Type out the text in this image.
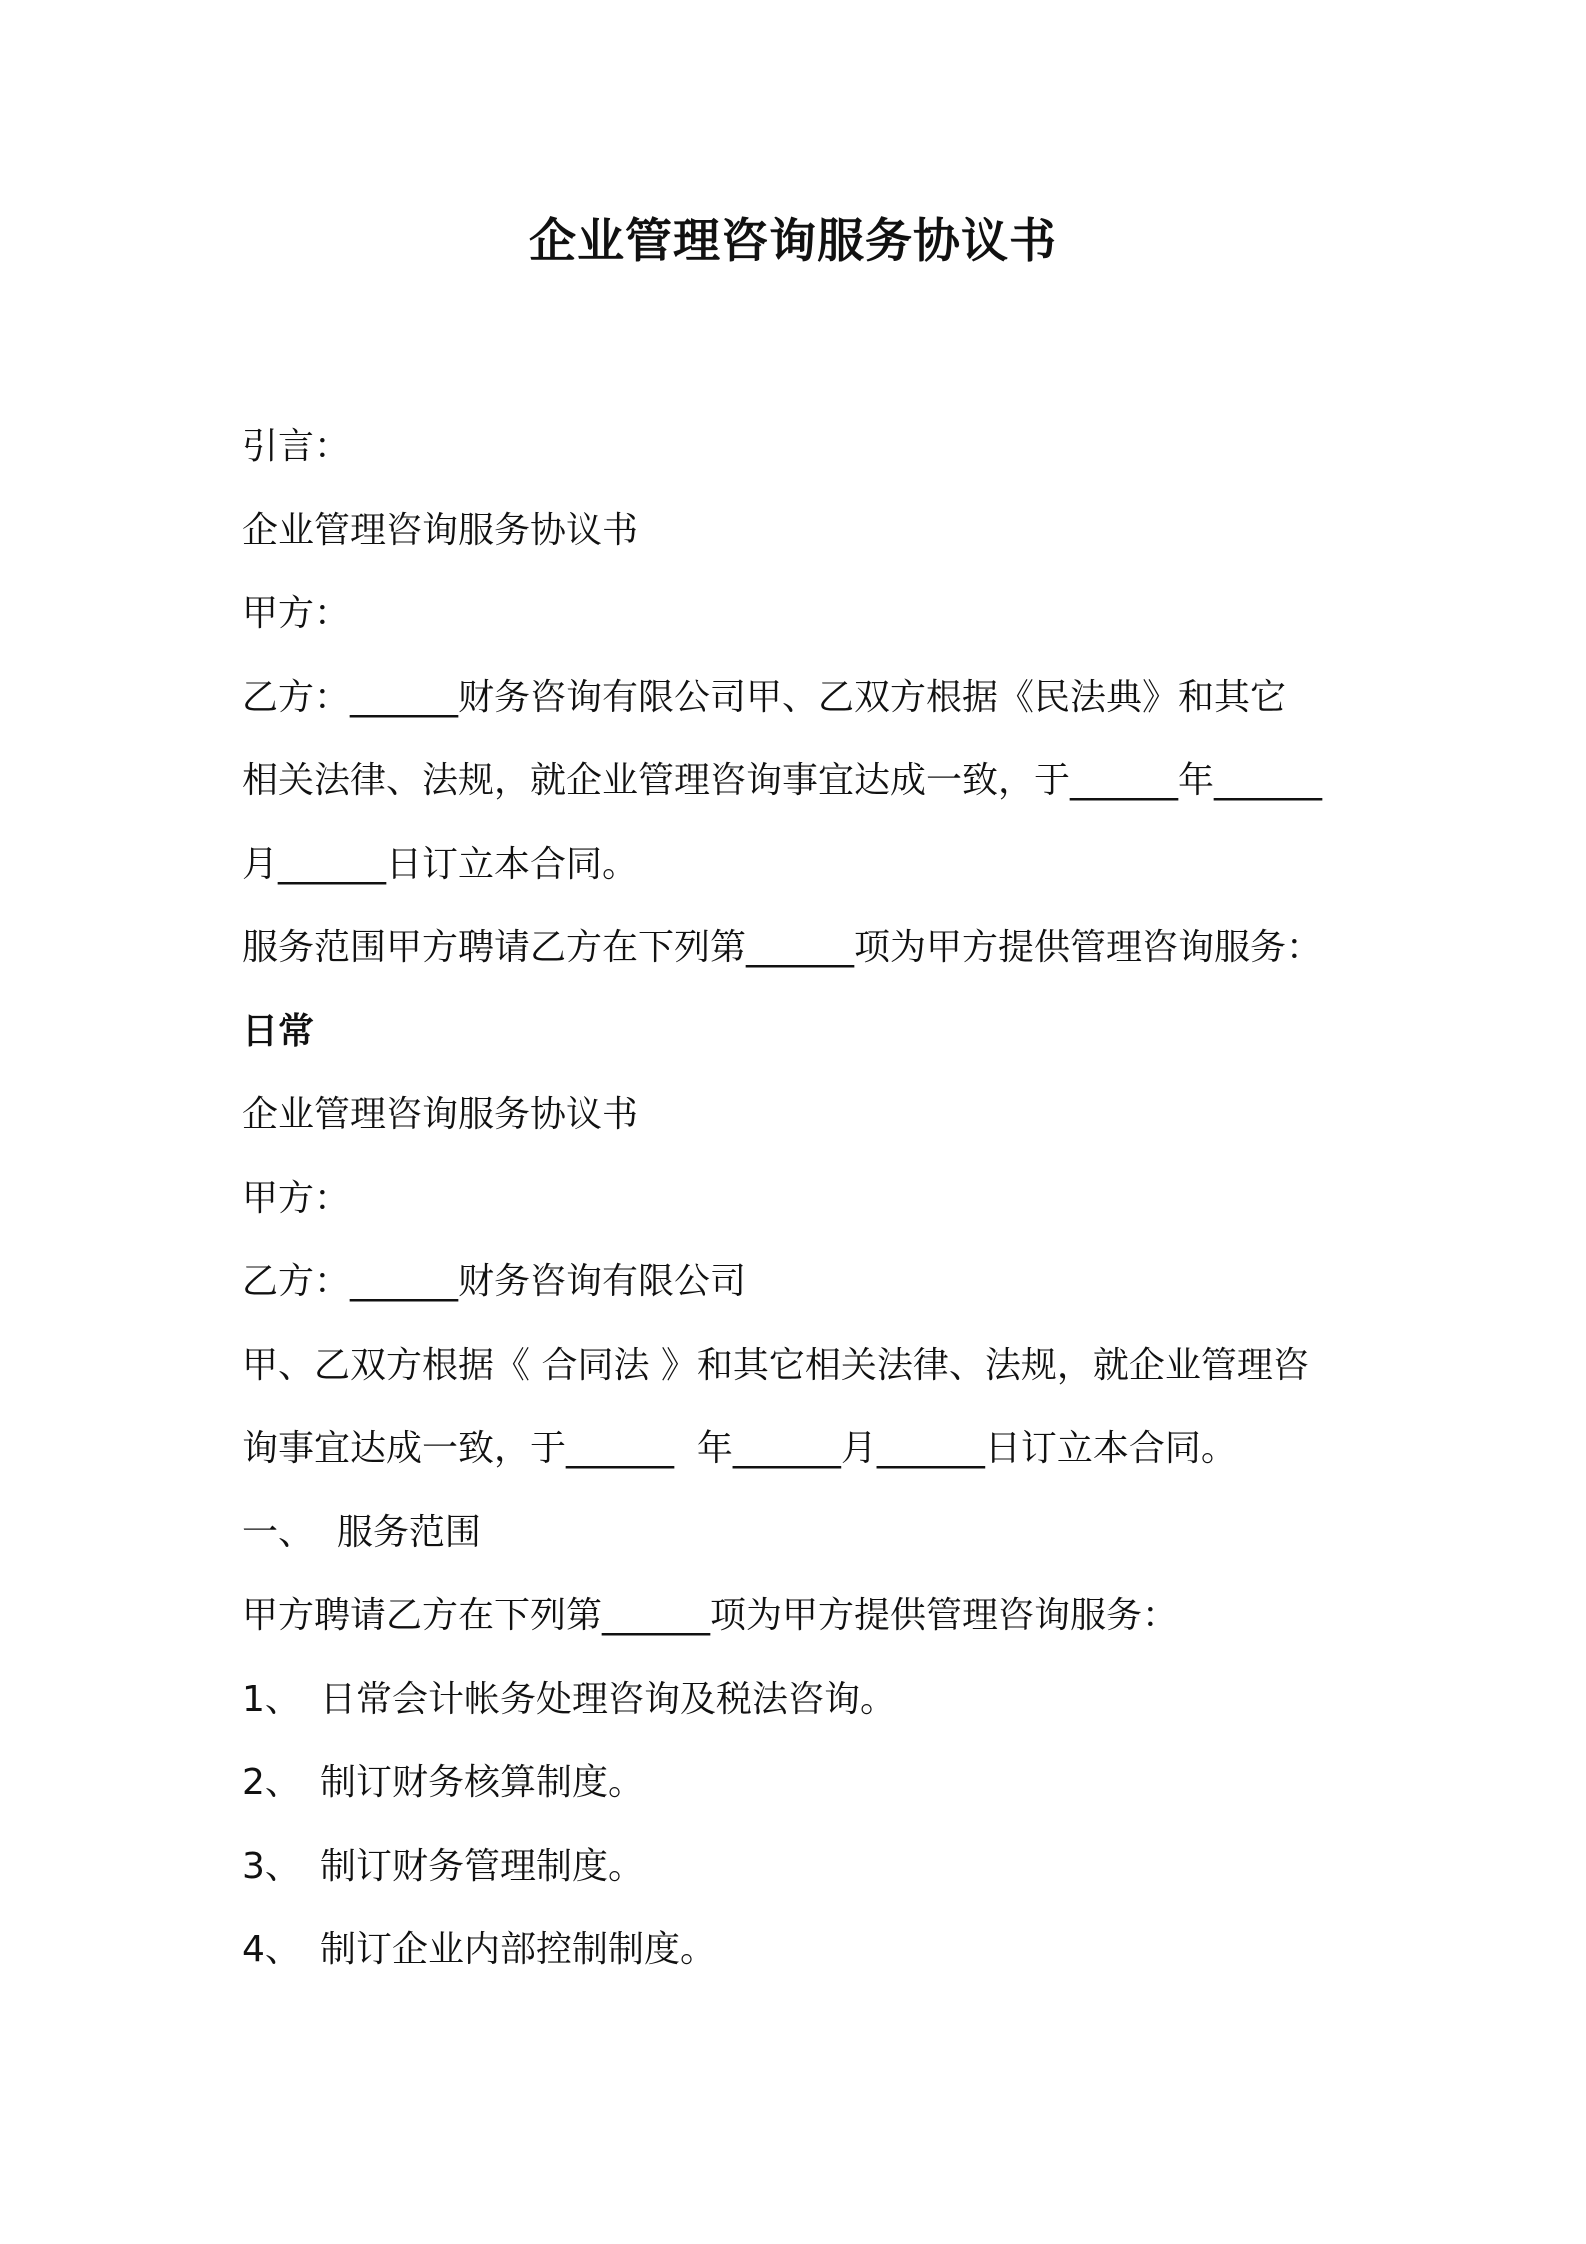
企业管理咨询服务协议书
引言：
企业管理咨询服务协议书
甲方：
乙方：______财务咨询有限公司甲、乙双方根据《民法典》和其它
相关法律、法规，就企业管理咨询事宜达成一致，于______年______
月______日订立本合同。
服务范围甲方聘请乙方在下列第______项为甲方提供管理咨询服务：
日常
企业管理咨询服务协议书
甲方：
乙方：______财务咨询有限公司
甲、乙双方根据《 合同法 》和其它相关法律、法规，就企业管理咨
询事宜达成一致，于______  年______月______日订立本合同。
一、  服务范围
甲方聘请乙方在下列第______项为甲方提供管理咨询服务：
1、 日常会计帐务处理咨询及税法咨询。
2、 制订财务核算制度。
3、 制订财务管理制度。
4、 制订企业内部控制制度。
